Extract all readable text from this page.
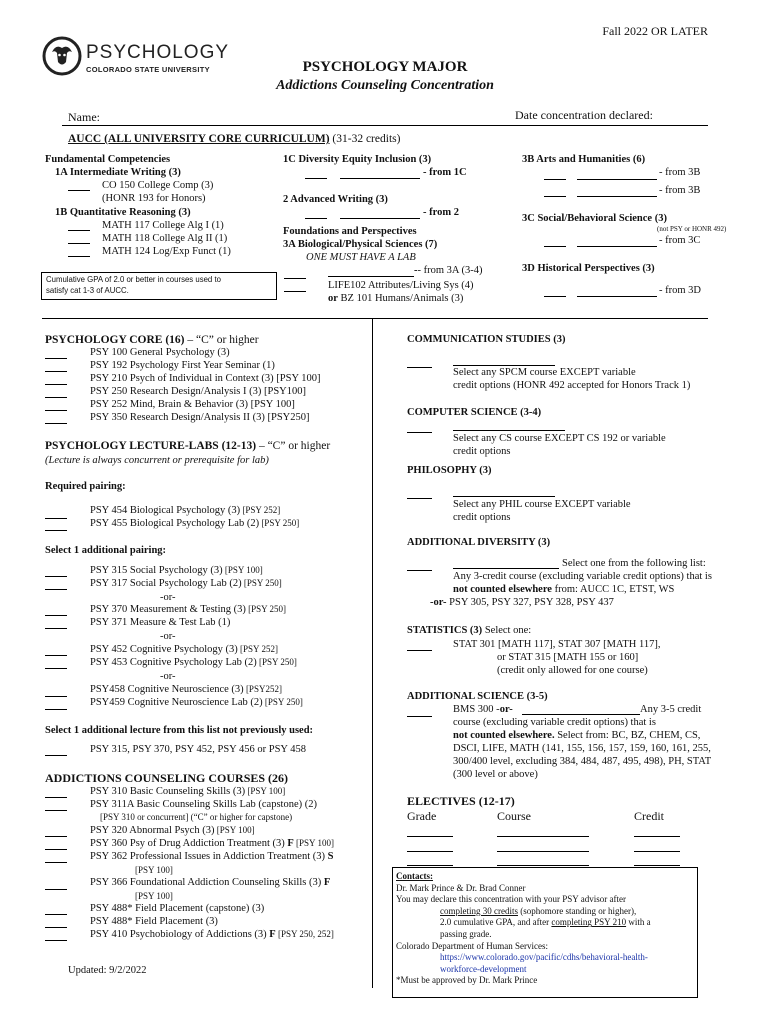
Fall 2022 OR LATER
PSYCHOLOGY
COLORADO STATE UNIVERSITY	PSYCHOLOGY MAJOR
Addictions Counseling Concentration
Name:	Date concentration declared:
AUCC (ALL UNIVERSITY CORE CURRICULUM) (31-32 credits)
Fundamental Competencies
1A Intermediate Writing (3)
CO 150 College Comp (3)
(HONR 193 for Honors)
1B Quantitative Reasoning (3)
MATH 117 College Alg I (1)
MATH 118 College Alg II (1)
MATH 124 Log/Exp Funct (1)
Cumulative GPA of 2.0 or better in courses used to
satisfy cat 1-3 of AUCC.
1C Diversity Equity Inclusion (3)
- from 1C
2 Advanced Writing (3)
- from 2
Foundations and Perspectives
3A Biological/Physical Sciences (7)
ONE MUST HAVE A LAB
-- from 3A (3-4)
LIFE102 Attributes/Living Sys (4)
or BZ 101 Humans/Animals (3)
3B Arts and Humanities (6)
- from 3B
- from 3B
3C Social/Behavioral Science (3)
(not PSY or HONR 492)
- from 3C
3D Historical Perspectives (3)
- from 3D
PSYCHOLOGY CORE (16) – “C” or higher
PSYCHOLOGY LECTURE-LABS (12-13) – “C” or higher
(Lecture is always concurrent or prerequisite for lab)
Required pairing:
PSY 454 Biological Psychology (3) [PSY 252]
PSY 455 Biological Psychology Lab (2) [PSY 250]
Select 1 additional pairing:
PSY 315 Social Psychology (3) [PSY 100]
PSY 317 Social Psychology Lab (2) [PSY 250]
-or-
PSY 370 Measurement & Testing (3) [PSY 250]
PSY 371 Measure & Test Lab (1)
-or-
PSY 452 Cognitive Psychology (3) [PSY 252]
PSY 453 Cognitive Psychology Lab (2) [PSY 250]
-or-
PSY458 Cognitive Neuroscience (3) [PSY252]
PSY459 Cognitive Neuroscience Lab (2) [PSY 250]
Select 1 additional lecture from this list not previously used:
PSY 315, PSY 370, PSY 452, PSY 456 or PSY 458
ADDICTIONS COUNSELING COURSES (26)
PSY 310 Basic Counseling Skills (3) [PSY 100]
PSY 311A Basic Counseling Skills Lab (capstone) (2)
[PSY 310 or concurrent] (“C” or higher for capstone)
PSY 320 Abnormal Psych (3) [PSY 100]
PSY 360 Psy of Drug Addiction Treatment (3) F [PSY 100]
PSY 362 Professional Issues in Addiction Treatment (3) S
[PSY 100]
PSY 366 Foundational Addiction Counseling Skills (3) F
[PSY 100]
PSY 488* Field Placement (capstone) (3)
PSY 488* Field Placement (3)
PSY 410 Psychobiology of Addictions (3) F [PSY 250, 252]
Updated: 9/2/2022
COMMUNICATION STUDIES (3)
Select any SPCM course EXCEPT variable
credit options (HONR 492 accepted for Honors Track 1)
COMPUTER SCIENCE (3-4)
Select any CS course EXCEPT CS 192 or variable
credit options
PHILOSOPHY (3)
Select any PHIL course EXCEPT variable
credit options
ADDITIONAL DIVERSITY (3)
Select one from the following list:
Any 3-credit course (excluding variable credit options) that is
not counted elsewhere from: AUCC 1C, ETST, WS
-or- PSY 305, PSY 327, PSY 328, PSY 437
STATISTICS (3) Select one:
STAT 301 [MATH 117], STAT 307 [MATH 117],
or STAT 315 [MATH 155 or 160]
(credit only allowed for one course)
ADDITIONAL SCIENCE (3-5)
BMS 300 -or-	Any 3-5 credit
course (excluding variable credit options) that is
not counted elsewhere. Select from: BC, BZ, CHEM, CS,
DSCI, LIFE, MATH (141, 155, 156, 157, 159, 160, 161, 255,
300/400 level, excluding 384, 484, 487, 495, 498), PH, STAT
(300 level or above)
ELECTIVES (12-17)
Grade	Course	Credit
Contacts:
Dr. Mark Prince & Dr. Brad Conner
You may declare this concentration with your PSY advisor after
completing 30 credits (sophomore standing or higher),
2.0 cumulative GPA, and after completing PSY 210 with a
passing grade.
Colorado Department of Human Services:
https://www.colorado.gov/pacific/cdhs/behavioral-health-
workforce-development
*Must be approved by Dr. Mark Prince
PSY 100 General Psychology (3)
PSY 192 Psychology First Year Seminar (1)
PSY 210 Psych of Individual in Context (3) [PSY 100]
PSY 250 Research Design/Analysis I (3) [PSY100]
PSY 252 Mind, Brain & Behavior (3) [PSY 100]
PSY 350 Research Design/Analysis II (3) [PSY250]
